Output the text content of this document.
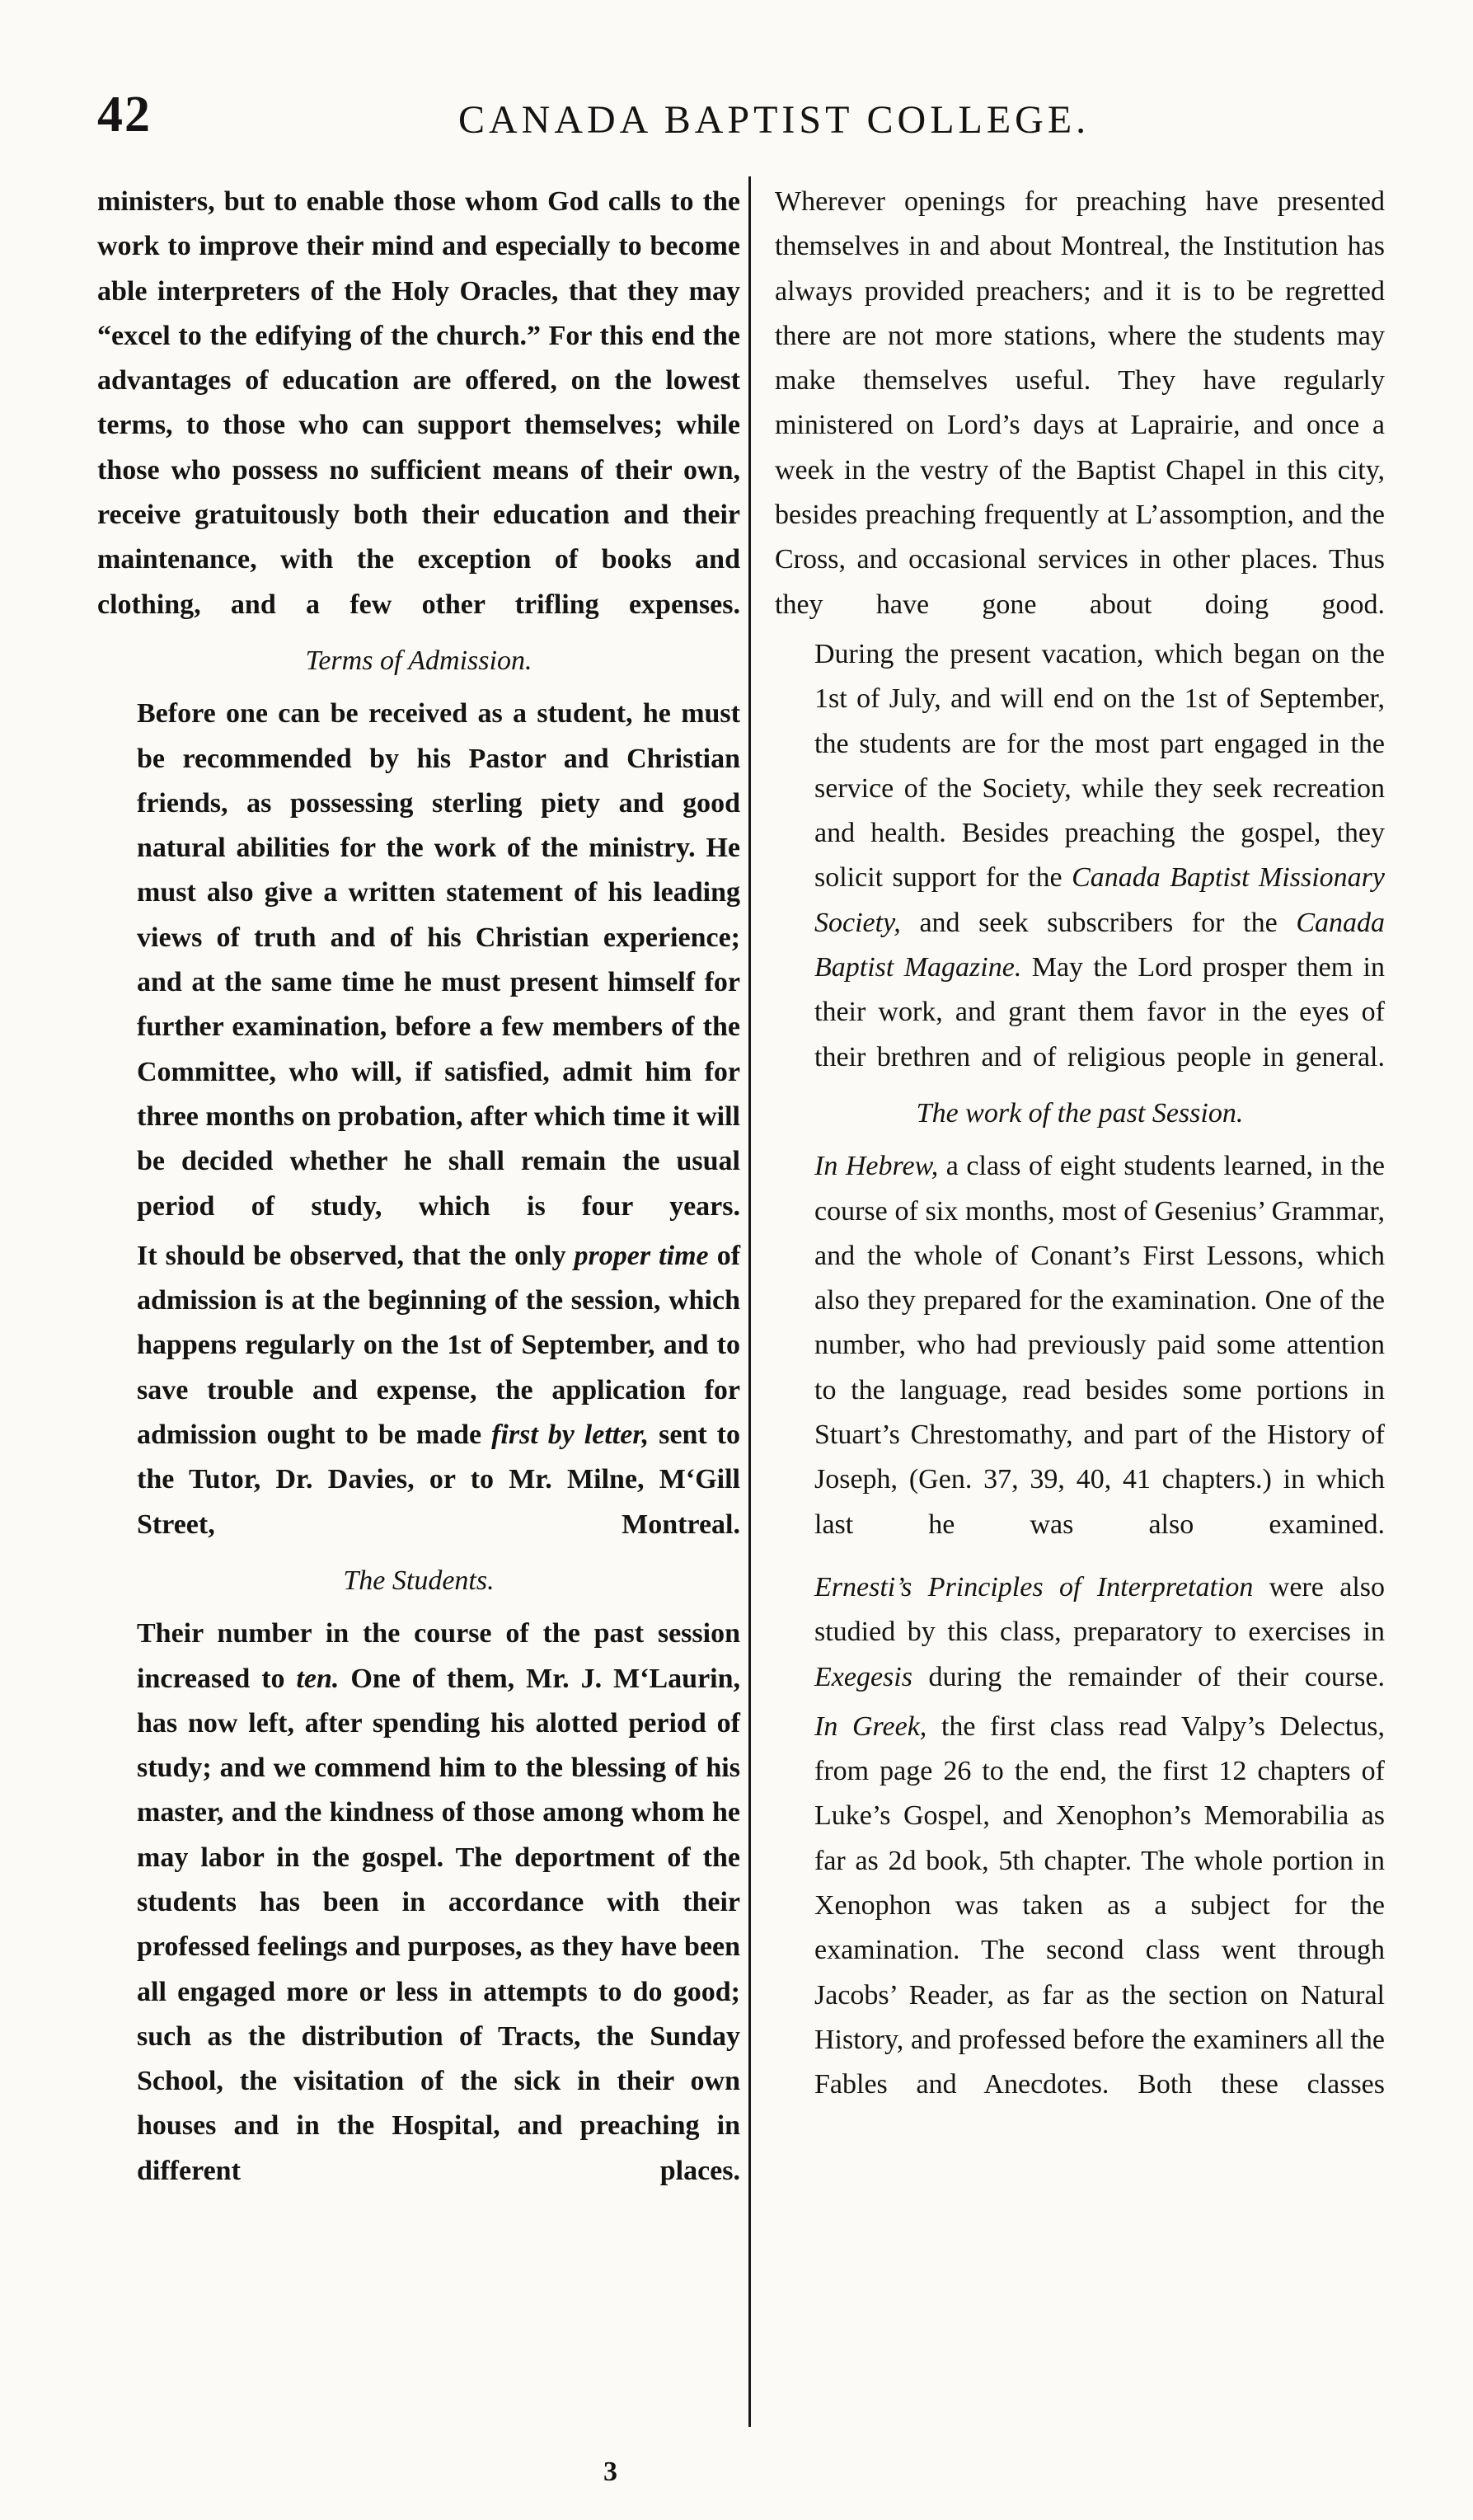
42	CANADA BAPTIST COLLEGE.

ministers, but to enable those whom God calls to the work to improve their mind and especially to become able interpreters of the Holy Oracles, that they may “excel to the edifying of the church.” For this end the advantages of education are offered, on the lowest terms, to those who can support themselves; while those who possess no sufficient means of their own, receive gratuitously both their education and their maintenance, with the exception of books and clothing, and a few other trifling expenses.

Terms of Admission.

Before one can be received as a student, he must be recommended by his Pastor and Christian friends, as possessing sterling piety and good natural abilities for the work of the ministry. He must also give a written statement of his leading views of truth and of his Christian experience; and at the same time he must present himself for further examination, before a few members of the Committee, who will, if satisfied, admit him for three months on probation, after which time it will be decided whether he shall remain the usual period of study, which is four years.

It should be observed, that the only proper time of admission is at the beginning of the session, which happens regularly on the 1st of September, and to save trouble and expense, the application for admission ought to be made first by letter, sent to the Tutor, Dr. Davies, or to Mr. Milne, M‘Gill Street, Montreal.

The Students.

Their number in the course of the past session increased to ten. One of them, Mr. J. M‘Laurin, has now left, after spending his alotted period of study; and we commend him to the blessing of his master, and the kindness of those among whom he may labor in the gospel. The deportment of the students has been in accordance with their professed feelings and purposes, as they have been all engaged more or less in attempts to do good; such as the distribution of Tracts, the Sunday School, the visitation of the sick in their own houses and in the Hospital, and preaching in different places.

Wherever openings for preaching have presented themselves in and about Montreal, the Institution has always provided preachers; and it is to be regretted there are not more stations, where the students may make themselves useful. They have regularly ministered on Lord’s days at Laprairie, and once a week in the vestry of the Baptist Chapel in this city, besides preaching frequently at L’assomption, and the Cross, and occasional services in other places. Thus they have gone about doing good.

During the present vacation, which began on the 1st of July, and will end on the 1st of September, the students are for the most part engaged in the service of the Society, while they seek recreation and health. Besides preaching the gospel, they solicit support for the Canada Baptist Missionary Society, and seek subscribers for the Canada Baptist Magazine. May the Lord prosper them in their work, and grant them favor in the eyes of their brethren and of religious people in general.

The work of the past Session.

In Hebrew, a class of eight students learned, in the course of six months, most of Gesenius’ Grammar, and the whole of Conant’s First Lessons, which also they prepared for the examination. One of the number, who had previously paid some attention to the language, read besides some portions in Stuart’s Chrestomathy, and part of the History of Joseph, (Gen. 37, 39, 40, 41 chapters.) in which last he was also examined.

Ernesti’s Principles of Interpretation were also studied by this class, preparatory to exercises in Exegesis during the remainder of their course.

In Greek, the first class read Valpy’s Delectus, from page 26 to the end, the first 12 chapters of Luke’s Gospel, and Xenophon’s Memorabilia as far as 2d book, 5th chapter. The whole portion in Xenophon was taken as a subject for the examination. The second class went through Jacobs’ Reader, as far as the section on Natural History, and professed before the examiners all the Fables and Anecdotes. Both these classes

3
